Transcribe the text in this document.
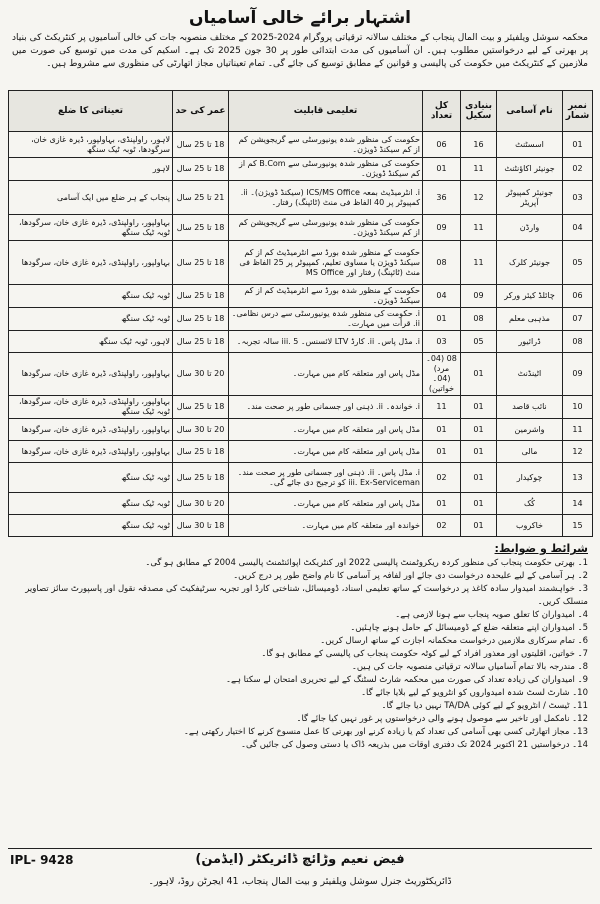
اشتہار برائے خالی آسامیاں
محکمہ سوشل ویلفیئر و بیت المال پنجاب کے مختلف سالانہ ترقیاتی پروگرام 2024-2025 کے مختلف منصوبہ جات کی خالی آسامیوں پر کنٹریکٹ کی بنیاد پر بھرتی کے لیے درخواستیں مطلوب ہیں۔ ان آسامیوں کی مدت ابتدائی طور پر 30 جون 2025 تک ہے۔ اسکیم کی مدت میں توسیع کی صورت میں ملازمین کے کنٹریکٹ میں حکومت کی پالیسی و قوانین کے مطابق توسیع کی جائے گی۔ تمام تعیناتیاں مجاز اتھارٹی کی منظوری سے مشروط ہیں۔
نمبر شمار	نام آسامی	بنیادی سکیل	کل تعداد	تعلیمی قابلیت	عمر کی حد	تعیناتی کا ضلع
01	اسسٹنٹ	16	06	حکومت کی منظور شدہ یونیورسٹی سے گریجویشن کم از کم سیکنڈ ڈویژن۔	18 تا 25 سال	لاہور، راولپنڈی، بہاولپور، ڈیرہ غازی خان، سرگودھا، ٹوبہ ٹیک سنگھ
02	جونیئر اکاؤنٹنٹ	11	01	حکومت کی منظور شدہ یونیورسٹی سے B.Com کم از کم سیکنڈ ڈویژن۔	18 تا 25 سال	لاہور
03	جونیئر کمپیوٹر آپریٹر	12	36	i. انٹرمیڈیٹ بمعہ ICS/MS Office (سیکنڈ ڈویژن)۔ ii. کمپیوٹر پر 40 الفاظ فی منٹ (ٹائپنگ) رفتار۔	21 تا 25 سال	پنجاب کے ہر ضلع میں ایک آسامی
04	وارڈن	11	09	حکومت کی منظور شدہ یونیورسٹی سے گریجویشن کم از کم سیکنڈ ڈویژن۔	18 تا 25 سال	بہاولپور، راولپنڈی، ڈیرہ غازی خان، سرگودھا، ٹوبہ ٹیک سنگھ
05	جونیئر کلرک	11	08	حکومت کے منظور شدہ بورڈ سے انٹرمیڈیٹ کم از کم سیکنڈ ڈویژن یا مساوی تعلیم، کمپیوٹر پر 25 الفاظ فی منٹ (ٹائپنگ) رفتار اور MS Office	18 تا 25 سال	بہاولپور، راولپنڈی، ڈیرہ غازی خان، سرگودھا
06	چائلڈ کیئر ورکر	09	04	حکومت کے منظور شدہ بورڈ سے انٹرمیڈیٹ کم از کم سیکنڈ ڈویژن۔	18 تا 25 سال	ٹوبہ ٹیک سنگھ
07	مذہبی معلم	08	01	i. حکومت کی منظور شدہ یونیورسٹی سے درس نظامی۔ ii. قرأت میں مہارت۔	18 تا 25 سال	ٹوبہ ٹیک سنگھ
08	ڈرائیور	05	03	i. مڈل پاس۔ ii. کارڈ LTV لائسنس۔ iii. 5 سالہ تجربہ۔	18 تا 25 سال	لاہور، ٹوبہ ٹیک سنگھ
09	اٹینڈنٹ	01	08 (04۔ مرد) (04۔ خواتین)	مڈل پاس اور متعلقہ کام میں مہارت۔	20 تا 30 سال	بہاولپور، راولپنڈی، ڈیرہ غازی خان، سرگودھا
10	نائب قاصد	01	11	i. خواندہ۔ ii. ذہنی اور جسمانی طور پر صحت مند۔	18 تا 25 سال	بہاولپور، راولپنڈی، ڈیرہ غازی خان، سرگودھا، ٹوبہ ٹیک سنگھ
11	واشرمین	01	01	مڈل پاس اور متعلقہ کام میں مہارت۔	20 تا 30 سال	بہاولپور، راولپنڈی، ڈیرہ غازی خان، سرگودھا
12	مالی	01	01	مڈل پاس اور متعلقہ کام میں مہارت۔	18 تا 25 سال	بہاولپور، راولپنڈی، ڈیرہ غازی خان، سرگودھا
13	چوکیدار	01	02	i. مڈل پاس۔ ii. ذہنی اور جسمانی طور پر صحت مند۔ iii. Ex-Serviceman کو ترجیح دی جائے گی۔	18 تا 25 سال	ٹوبہ ٹیک سنگھ
14	کُک	01	01	مڈل پاس اور متعلقہ کام میں مہارت۔	20 تا 30 سال	ٹوبہ ٹیک سنگھ
15	خاکروب	01	02	خواندہ اور متعلقہ کام میں مہارت۔	18 تا 30 سال	ٹوبہ ٹیک سنگھ
شرائط و ضوابط:
1۔ بھرتی حکومت پنجاب کی منظور کردہ ریکروٹمنٹ پالیسی 2022 اور کنٹریکٹ اپوائنٹمنٹ پالیسی 2004 کے مطابق ہو گی۔
2۔ ہر آسامی کے لیے علیحدہ درخواست دی جائے اور لفافہ پر آسامی کا نام واضح طور پر درج کریں۔
3۔ خواہشمند امیدوار سادہ کاغذ پر درخواست کے ساتھ تعلیمی اسناد، ڈومیسائل، شناختی کارڈ اور تجربہ سرٹیفکیٹ کی مصدقہ نقول اور پاسپورٹ سائز تصاویر منسلک کریں۔
4۔ امیدواران کا تعلق صوبہ پنجاب سے ہونا لازمی ہے۔
5۔ امیدواران اپنے متعلقہ ضلع کے ڈومیسائل کے حامل ہونے چاہئیں۔
6۔ تمام سرکاری ملازمین درخواست محکمانہ اجازت کے ساتھ ارسال کریں۔
7۔ خواتین، اقلیتوں اور معذور افراد کے لیے کوٹہ حکومت پنجاب کی پالیسی کے مطابق ہو گا۔
8۔ مندرجہ بالا تمام آسامیاں سالانہ ترقیاتی منصوبہ جات کی ہیں۔
9۔ امیدواران کی زیادہ تعداد کی صورت میں محکمہ شارٹ لسٹنگ کے لیے تحریری امتحان لے سکتا ہے۔
10۔ شارٹ لسٹ شدہ امیدواروں کو انٹرویو کے لیے بلایا جائے گا۔
11۔ ٹیسٹ / انٹرویو کے لیے کوئی TA/DA نہیں دیا جائے گا۔
12۔ نامکمل اور تاخیر سے موصول ہونے والی درخواستوں پر غور نہیں کیا جائے گا۔
13۔ مجاز اتھارٹی کسی بھی آسامی کی تعداد کم یا زیادہ کرنے اور بھرتی کا عمل منسوخ کرنے کا اختیار رکھتی ہے۔
14۔ درخواستیں 21 اکتوبر 2024 تک دفتری اوقات میں بذریعہ ڈاک یا دستی وصول کی جائیں گی۔
IPL- 9428	فیض نعیم وڑائچ ڈائریکٹر (ایڈمن)
ڈائریکٹوریٹ جنرل سوشل ویلفیئر و بیت المال پنجاب، 41 ایجرٹن روڈ، لاہور۔
